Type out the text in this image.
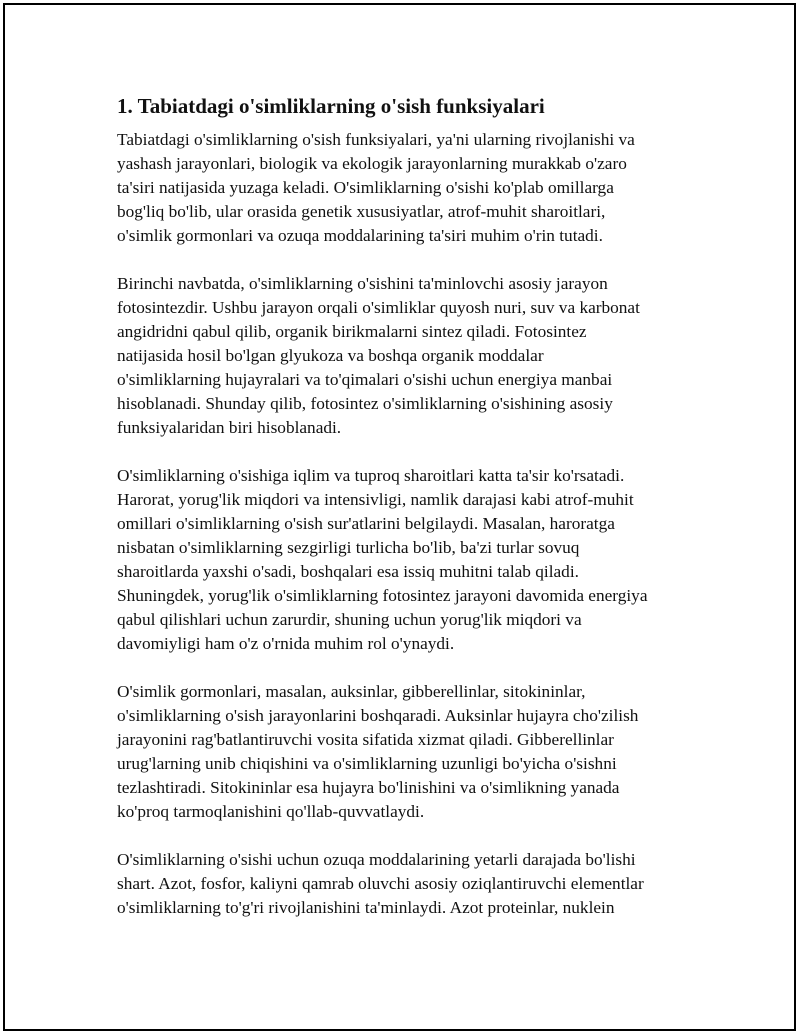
1. Tabiatdagi o'simliklarning o'sish funksiyalari

Tabiatdagi o'simliklarning o'sish funksiyalari, ya'ni ularning rivojlanishi va
yashash jarayonlari, biologik va ekologik jarayonlarning murakkab o'zaro
ta'siri natijasida yuzaga keladi. O'simliklarning o'sishi ko'plab omillarga
bog'liq bo'lib, ular orasida genetik xususiyatlar, atrof-muhit sharoitlari,
o'simlik gormonlari va ozuqa moddalarining ta'siri muhim o'rin tutadi.

Birinchi navbatda, o'simliklarning o'sishini ta'minlovchi asosiy jarayon
fotosintezdir. Ushbu jarayon orqali o'simliklar quyosh nuri, suv va karbonat
angidridni qabul qilib, organik birikmalarni sintez qiladi. Fotosintez
natijasida hosil bo'lgan glyukoza va boshqa organik moddalar
o'simliklarning hujayralari va to'qimalari o'sishi uchun energiya manbai
hisoblanadi. Shunday qilib, fotosintez o'simliklarning o'sishining asosiy
funksiyalaridan biri hisoblanadi.

O'simliklarning o'sishiga iqlim va tuproq sharoitlari katta ta'sir ko'rsatadi.
Harorat, yorug'lik miqdori va intensivligi, namlik darajasi kabi atrof-muhit
omillari o'simliklarning o'sish sur'atlarini belgilaydi. Masalan, haroratga
nisbatan o'simliklarning sezgirligi turlicha bo'lib, ba'zi turlar sovuq
sharoitlarda yaxshi o'sadi, boshqalari esa issiq muhitni talab qiladi.
Shuningdek, yorug'lik o'simliklarning fotosintez jarayoni davomida energiya
qabul qilishlari uchun zarurdir, shuning uchun yorug'lik miqdori va
davomiyligi ham o'z o'rnida muhim rol o'ynaydi.

O'simlik gormonlari, masalan, auksinlar, gibberellinlar, sitokininlar,
o'simliklarning o'sish jarayonlarini boshqaradi. Auksinlar hujayra cho'zilish
jarayonini rag'batlantiruvchi vosita sifatida xizmat qiladi. Gibberellinlar
urug'larning unib chiqishini va o'simliklarning uzunligi bo'yicha o'sishni
tezlashtiradi. Sitokininlar esa hujayra bo'linishini va o'simlikning yanada
ko'proq tarmoqlanishini qo'llab-quvvatlaydi.

O'simliklarning o'sishi uchun ozuqa moddalarining yetarli darajada bo'lishi
shart. Azot, fosfor, kaliyni qamrab oluvchi asosiy oziqlantiruvchi elementlar
o'simliklarning to'g'ri rivojlanishini ta'minlaydi. Azot proteinlar, nuklein
